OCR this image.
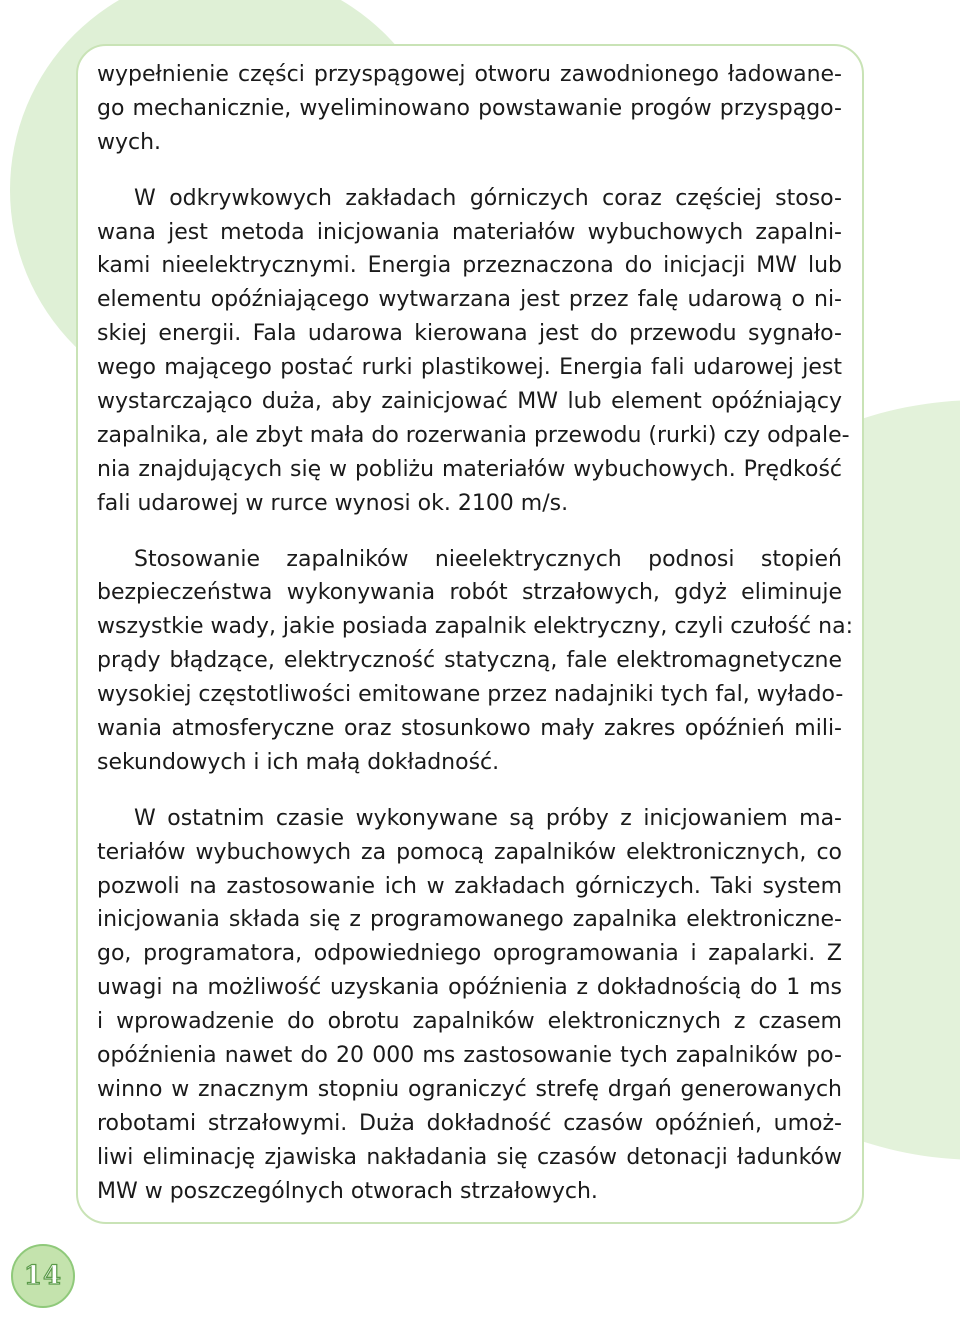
wypełnienie części przyspągowej otworu zawodnionego ładowane-
go mechanicznie, wyeliminowano powstawanie progów przyspągo-
wych.

W odkrywkowych zakładach górniczych coraz częściej stoso-
wana jest metoda inicjowania materiałów wybuchowych zapalni-
kami nieelektrycznymi. Energia przeznaczona do inicjacji MW lub
elementu opóźniającego wytwarzana jest przez falę udarową o ni-
skiej energii. Fala udarowa kierowana jest do przewodu sygnało-
wego mającego postać rurki plastikowej. Energia fali udarowej jest
wystarczająco duża, aby zainicjować MW lub element opóźniający
zapalnika, ale zbyt mała do rozerwania przewodu (rurki) czy odpale-
nia znajdujących się w pobliżu materiałów wybuchowych. Prędkość
fali udarowej w rurce wynosi ok. 2100 m/s.

Stosowanie zapalników nieelektrycznych podnosi stopień
bezpieczeństwa wykonywania robót strzałowych, gdyż eliminuje
wszystkie wady, jakie posiada zapalnik elektryczny, czyli czułość na:
prądy błądzące, elektryczność statyczną, fale elektromagnetyczne
wysokiej częstotliwości emitowane przez nadajniki tych fal, wyłado-
wania atmosferyczne oraz stosunkowo mały zakres opóźnień mili-
sekundowych i ich małą dokładność.

W ostatnim czasie wykonywane są próby z inicjowaniem ma-
teriałów wybuchowych za pomocą zapalników elektronicznych, co
pozwoli na zastosowanie ich w zakładach górniczych. Taki system
inicjowania składa się z programowanego zapalnika elektroniczne-
go, programatora, odpowiedniego oprogramowania i zapalarki. Z
uwagi na możliwość uzyskania opóźnienia z dokładnością do 1 ms
i wprowadzenie do obrotu zapalników elektronicznych z czasem
opóźnienia nawet do 20 000 ms zastosowanie tych zapalników po-
winno w znacznym stopniu ograniczyć strefę drgań generowanych
robotami strzałowymi. Duża dokładność czasów opóźnień, umoż-
liwi eliminację zjawiska nakładania się czasów detonacji ładunków
MW w poszczególnych otworach strzałowych.

14
